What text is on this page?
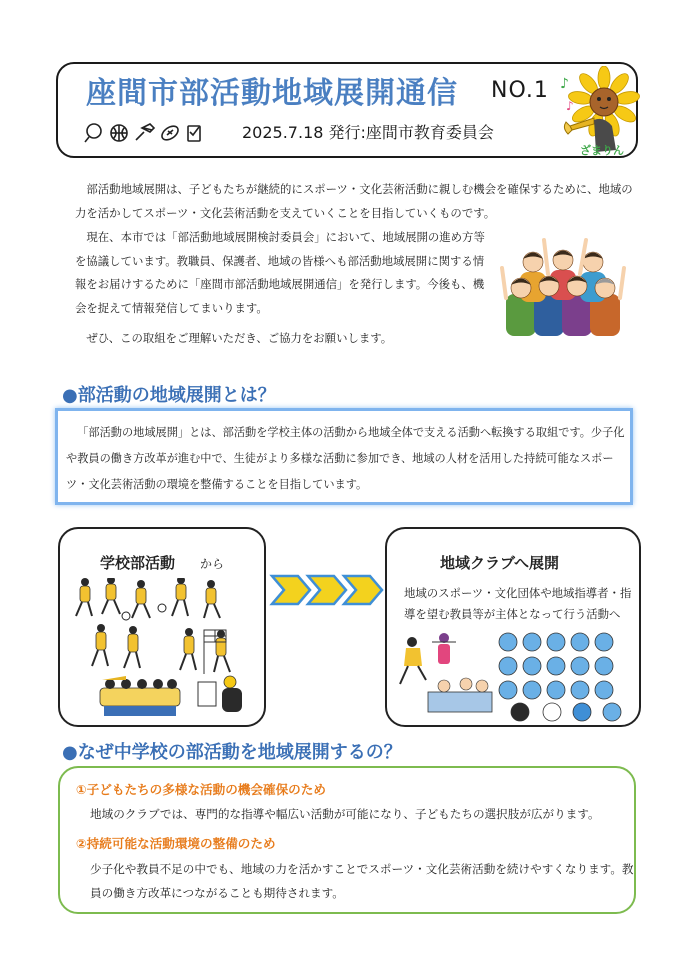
座間市部活動地域展開通信 NO.1
2025.7.18 発行:座間市教育委員会
♪
♪
ざまりん
部活動地域展開は、子どもたちが継続的にスポーツ・文化芸術活動に親しむ機会を確保するために、地域の力を活かしてスポーツ・文化芸術活動を支えていくことを目指していくものです。
現在、本市では「部活動地域展開検討委員会」において、地域展開の進め方等を協議しています。教職員、保護者、地域の皆様へも部活動地域展開に関する情報をお届けするために「座間市部活動地域展開通信」を発行します。今後も、機会を捉えて情報発信してまいります。
ぜひ、この取組をご理解いただき、ご協力をお願いします。
●部活動の地域展開とは？
「部活動の地域展開」とは、部活動を学校主体の活動から地域全体で支える活動へ転換する取組です。少子化や教員の働き方改革が進む中で、生徒がより多様な活動に参加でき、地域の人材を活用した持続可能なスポーツ・文化芸術活動の環境を整備することを目指しています。
学校部活動 から	地域クラブ
へ展開
地域のスポーツ・文化団体や地域指導者・指導を望む教員等が主体となって行う活動へ
●なぜ中学校の部活動を地域展開するの？
①子どもたちの多様な活動の機会確保のため
地域のクラブでは、専門的な指導や幅広い活動が可能になり、子どもたちの選択肢が広がります。
②持続可能な活動環境の整備のため
少子化や教員不足の中でも、地域の力を活かすことでスポーツ・文化芸術活動を続けやすくなります。教員の働き方改革につながることも期待されます。
